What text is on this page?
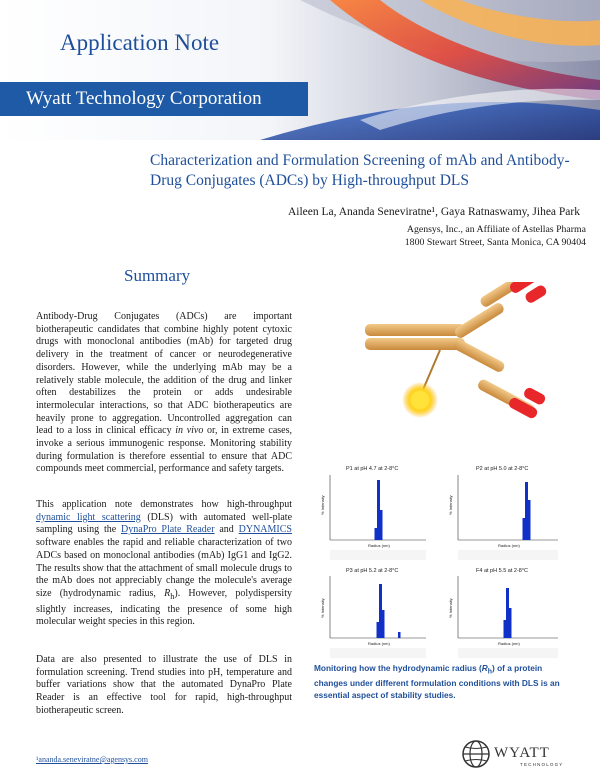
Application Note
Wyatt Technology Corporation
Characterization and Formulation Screening of mAb and Antibody-Drug Conjugates (ADCs) by High-throughput DLS
Aileen La, Ananda Seneviratne¹, Gaya Ratnaswamy, Jihea Park
Agensys, Inc., an Affiliate of Astellas Pharma
1800 Stewart Street, Santa Monica, CA 90404
Summary
Antibody-Drug Conjugates (ADCs) are important biotherapeutic candidates that combine highly potent cytoxic drugs with monoclonal antibodies (mAb) for targeted drug delivery in the treatment of cancer or neurodegenerative disorders. However, while the underlying mAb may be a relatively stable molecule, the addition of the drug and linker often destabilizes the protein or adds undesirable intermolecular interactions, so that ADC biotherapeutics are heavily prone to aggregation. Uncontrolled aggregation can lead to a loss in clinical efficacy in vivo or, in extreme cases, invoke a serious immunogenic response. Monitoring stability during formulation is therefore essential to ensure that ADC compounds meet commercial, performance and safety targets.
This application note demonstrates how high-throughput dynamic light scattering (DLS) with automated well-plate sampling using the DynaPro Plate Reader and DYNAMICS software enables the rapid and reliable characterization of two ADCs based on monoclonal antibodies (mAb) IgG1 and IgG2. The results show that the attachment of small molecule drugs to the mAb does not appreciably change the molecule's average size (hydrodynamic radius, $R_h$). However, polydispersity slightly increases, indicating the presence of some high molecular weight species in this region.
Data are also presented to illustrate the use of DLS in formulation screening. Trend studies into pH, temperature and buffer variations show that the automated DynaPro Plate Reader is an effective tool for rapid, high-throughput biotherapeutic screen.
¹ananda.seneviratne@agensys.com
P1 at pH 4.7 at 2-8°C
% Intensity
Radius (nm)
P2 at pH 5.0 at 2-8°C
% Intensity
Radius (nm)
P3 at pH 5.2 at 2-8°C
% Intensity
Radius (nm)
F4 at pH 5.5 at 2-8°C
% Intensity
Radius (nm)
Monitoring how the hydrodynamic radius $(R_h)$ of a protein changes under different formulation conditions with DLS is an essential aspect of stability studies.
WYATT
TECHNOLOGY
